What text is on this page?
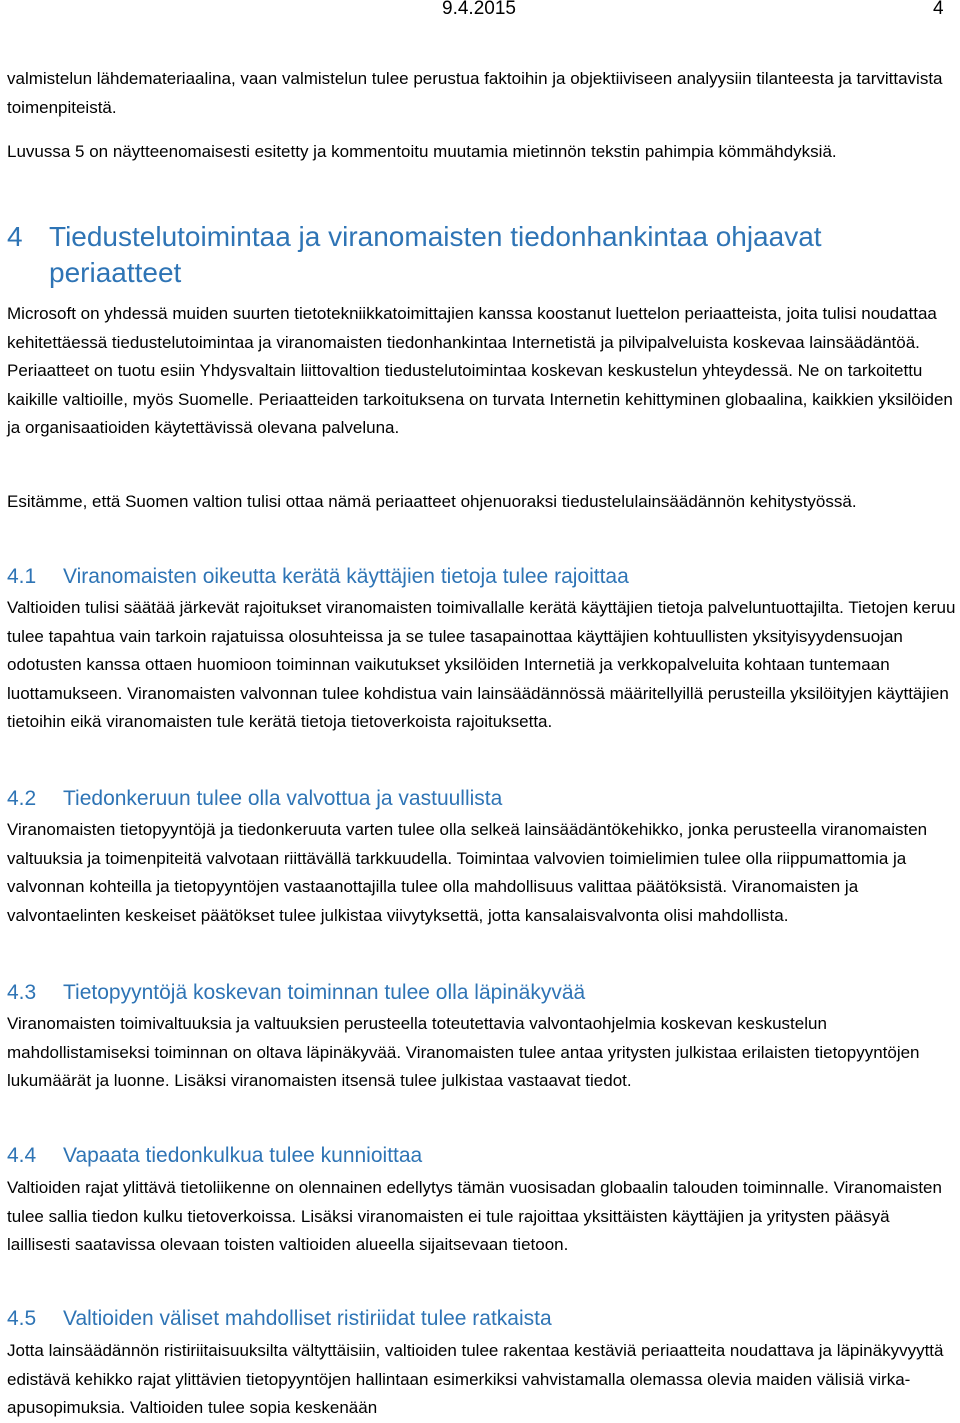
9.4.2015	4

valmistelun lähdemateriaalina, vaan valmistelun tulee perustua faktoihin ja objektiiviseen analyysiin tilanteesta ja tarvittavista toimenpiteistä.

Luvussa 5 on näytteenomaisesti esitetty ja kommentoitu muutamia mietinnön tekstin pahimpia kömmähdyksiä.

4 Tiedustelutoimintaa ja viranomaisten tiedonhankintaa ohjaavat
periaatteet

Microsoft on yhdessä muiden suurten tietotekniikkatoimittajien kanssa koostanut luettelon periaatteista, joita tulisi noudattaa kehitettäessä tiedustelutoimintaa ja viranomaisten tiedonhankintaa Internetistä ja pilvipalveluista koskevaa lainsäädäntöä. Periaatteet on tuotu esiin Yhdysvaltain liittovaltion tiedustelutoimintaa koskevan keskustelun yhteydessä. Ne on tarkoitettu kaikille valtioille, myös Suomelle. Periaatteiden tarkoituksena on turvata Internetin kehittyminen globaalina, kaikkien yksilöiden ja organisaatioiden käytettävissä olevana palveluna.

Esitämme, että Suomen valtion tulisi ottaa nämä periaatteet ohjenuoraksi tiedustelulainsäädännön kehitystyössä.

4.1 Viranomaisten oikeutta kerätä käyttäjien tietoja tulee rajoittaa

Valtioiden tulisi säätää järkevät rajoitukset viranomaisten toimivallalle kerätä käyttäjien tietoja palveluntuottajilta. Tietojen keruu tulee tapahtua vain tarkoin rajatuissa olosuhteissa ja se tulee tasapainottaa käyttäjien kohtuullisten yksityisyydensuojan odotusten kanssa ottaen huomioon toiminnan vaikutukset yksilöiden Internetiä ja verkkopalveluita kohtaan tuntemaan luottamukseen. Viranomaisten valvonnan tulee kohdistua vain lainsäädännössä määritellyillä perusteilla yksilöityjen käyttäjien tietoihin eikä viranomaisten tule kerätä tietoja tietoverkoista rajoituksetta.

4.2 Tiedonkeruun tulee olla valvottua ja vastuullista

Viranomaisten tietopyyntöjä ja tiedonkeruuta varten tulee olla selkeä lainsäädäntökehikko, jonka perusteella viranomaisten valtuuksia ja toimenpiteitä valvotaan riittävällä tarkkuudella. Toimintaa valvovien toimielimien tulee olla riippumattomia ja valvonnan kohteilla ja tietopyyntöjen vastaanottajilla tulee olla mahdollisuus valittaa päätöksistä. Viranomaisten ja valvontaelinten keskeiset päätökset tulee julkistaa viivytyksettä, jotta kansalaisvalvonta olisi mahdollista.

4.3 Tietopyyntöjä koskevan toiminnan tulee olla läpinäkyvää

Viranomaisten toimivaltuuksia ja valtuuksien perusteella toteutettavia valvontaohjelmia koskevan keskustelun mahdollistamiseksi toiminnan on oltava läpinäkyvää. Viranomaisten tulee antaa yritysten julkistaa erilaisten tietopyyntöjen lukumäärät ja luonne. Lisäksi viranomaisten itsensä tulee julkistaa vastaavat tiedot.

4.4 Vapaata tiedonkulkua tulee kunnioittaa

Valtioiden rajat ylittävä tietoliikenne on olennainen edellytys tämän vuosisadan globaalin talouden toiminnalle. Viranomaisten tulee sallia tiedon kulku tietoverkoissa. Lisäksi viranomaisten ei tule rajoittaa yksittäisten käyttäjien ja yritysten pääsyä laillisesti saatavissa olevaan toisten valtioiden alueella sijaitsevaan tietoon.

4.5 Valtioiden väliset mahdolliset ristiriidat tulee ratkaista

Jotta lainsäädännön ristiriitaisuuksilta vältyttäisiin, valtioiden tulee rakentaa kestäviä periaatteita noudattava ja läpinäkyvyyttä edistävä kehikko rajat ylittävien tietopyyntöjen hallintaan esimerkiksi vahvistamalla olemassa olevia maiden välisiä virka-apusopimuksia. Valtioiden tulee sopia keskenään
